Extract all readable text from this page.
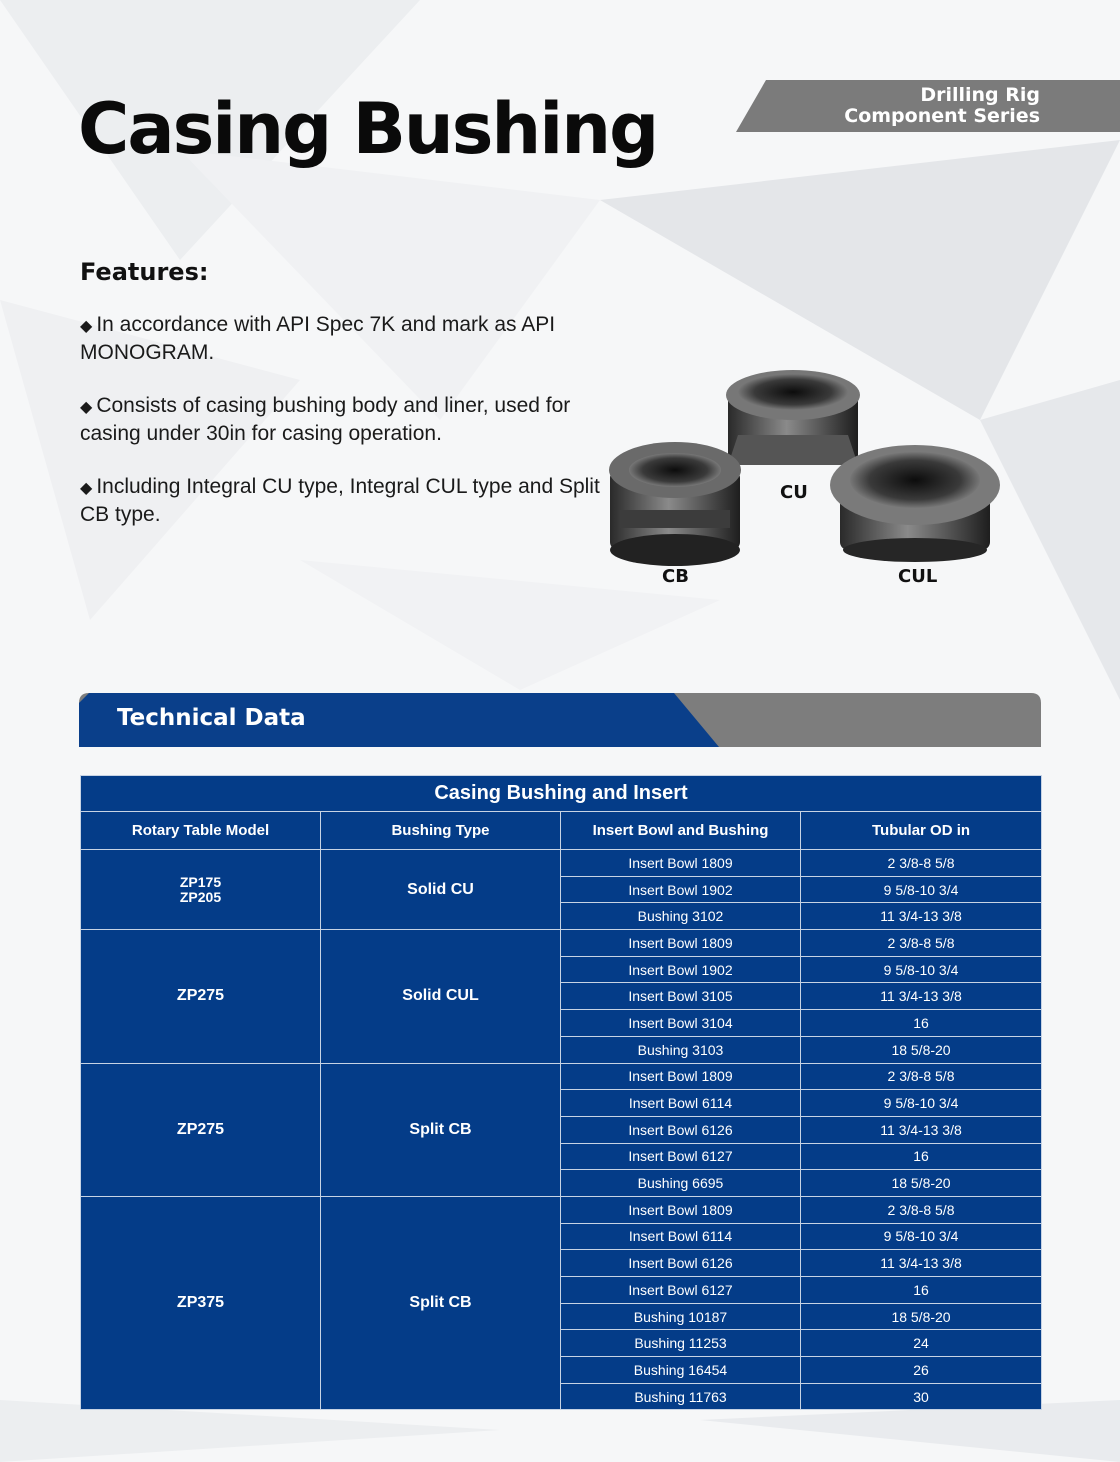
Casing Bushing	Drilling Rig
Component Series
Features:
◆ In accordance with API Spec 7K and mark as API MONOGRAM.
◆ Consists of casing bushing body and liner, used for casing under 30in for casing operation.
◆ Including Integral CU type, Integral CUL type and Split CB type.
CB
CU
CUL
Technical Data
Casing Bushing and Insert			
Rotary Table Model	Bushing Type	Insert Bowl and Bushing	Tubular OD in

ZP175
ZP205	Solid CU	Insert Bowl 1809	2 3/8-8 5/8
		Insert Bowl 1902	9 5/8-10 3/4
		Bushing 3102	11 3/4-13 3/8

ZP275	Solid CUL	Insert Bowl 1809	2 3/8-8 5/8
		Insert Bowl 1902	9 5/8-10 3/4
		Insert Bowl 3105	11 3/4-13 3/8
		Insert Bowl 3104	16
		Bushing 3103	18 5/8-20

ZP275	Split CB	Insert Bowl 1809	2 3/8-8 5/8
		Insert Bowl 6114	9 5/8-10 3/4
		Insert Bowl 6126	11 3/4-13 3/8
		Insert Bowl 6127	16
		Bushing 6695	18 5/8-20

ZP375	Split CB	Insert Bowl 1809	2 3/8-8 5/8
		Insert Bowl 6114	9 5/8-10 3/4
		Insert Bowl 6126	11 3/4-13 3/8
		Insert Bowl 6127	16
		Bushing 10187	18 5/8-20
		Bushing 11253	24
		Bushing 16454	26
		Bushing 11763	30
